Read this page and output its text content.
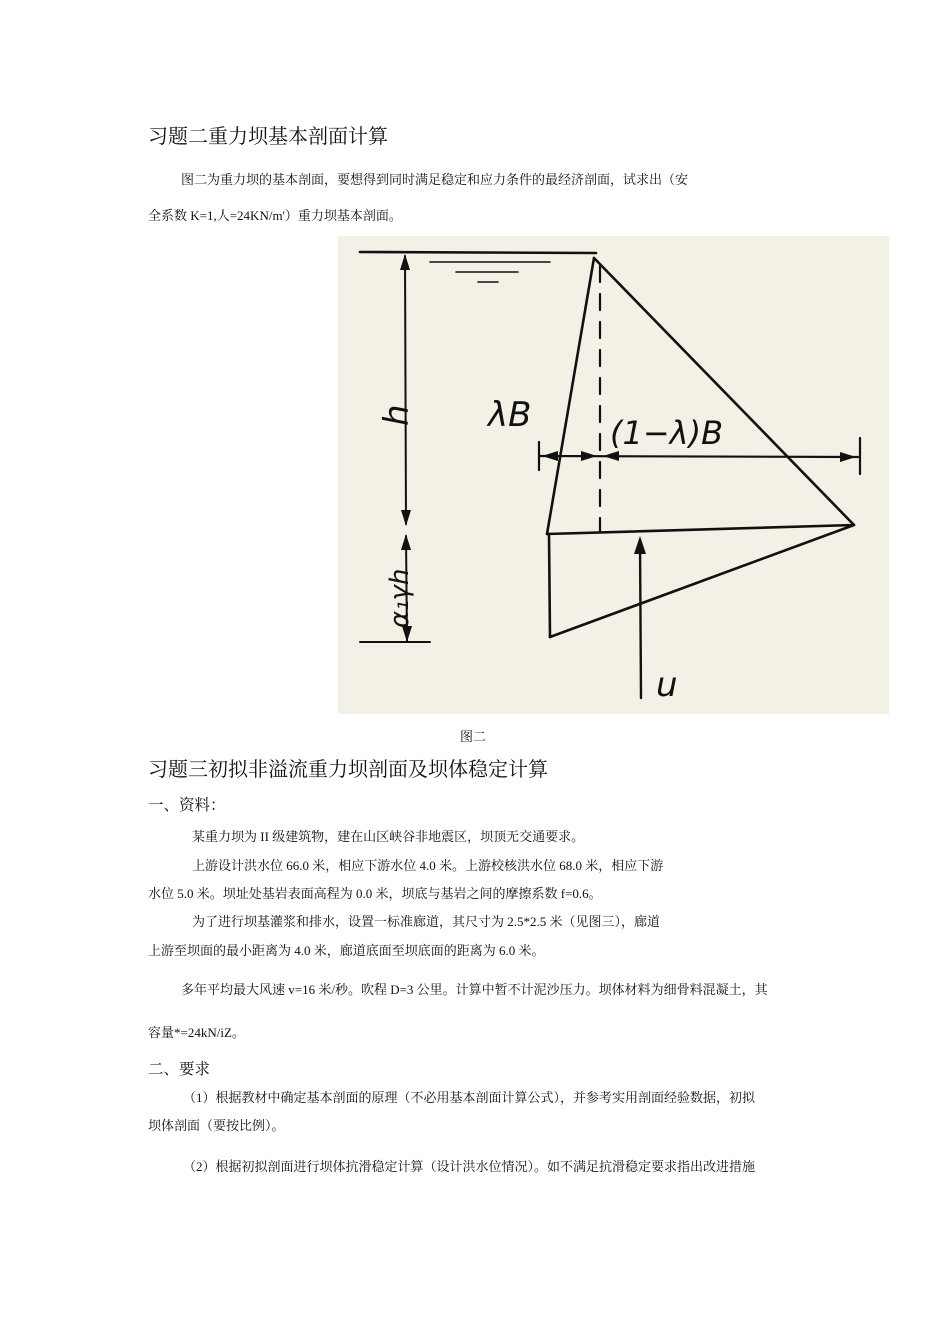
习题二重力坝基本剖面计算
图二为重力坝的基本剖面，要想得到同时满足稳定和应力条件的最经济剖面，试求出（安
全系数 K=1,人=24KN/m'）重力坝基本剖面。
h λB (1−λ)B
α₁γh
u
图二
习题三初拟非溢流重力坝剖面及坝体稳定计算
一、资料：
某重力坝为 II 级建筑物，建在山区峡谷非地震区，坝顶无交通要求。
上游设计洪水位 66.0 米，相应下游水位 4.0 米。上游校核洪水位 68.0 米，相应下游
水位 5.0 米。坝址处基岩表面高程为 0.0 米，坝底与基岩之间的摩擦系数 f=0.6。
为了进行坝基灌浆和排水，设置一标准廊道，其尺寸为 2.5*2.5 米（见图三），廊道
上游至坝面的最小距离为 4.0 米，廊道底面至坝底面的距离为 6.0 米。
多年平均最大风速 v=16 米/秒。吹程 D=3 公里。计算中暂不计泥沙压力。坝体材料为细骨料混凝土，其
容量*=24kN/iZ。
二、要求
（1）根据教材中确定基本剖面的原理（不必用基本剖面计算公式），并参考实用剖面经验数据，初拟
坝体剖面（要按比例）。
（2）根据初拟剖面进行坝体抗滑稳定计算（设计洪水位情况）。如不满足抗滑稳定要求指出改进措施
